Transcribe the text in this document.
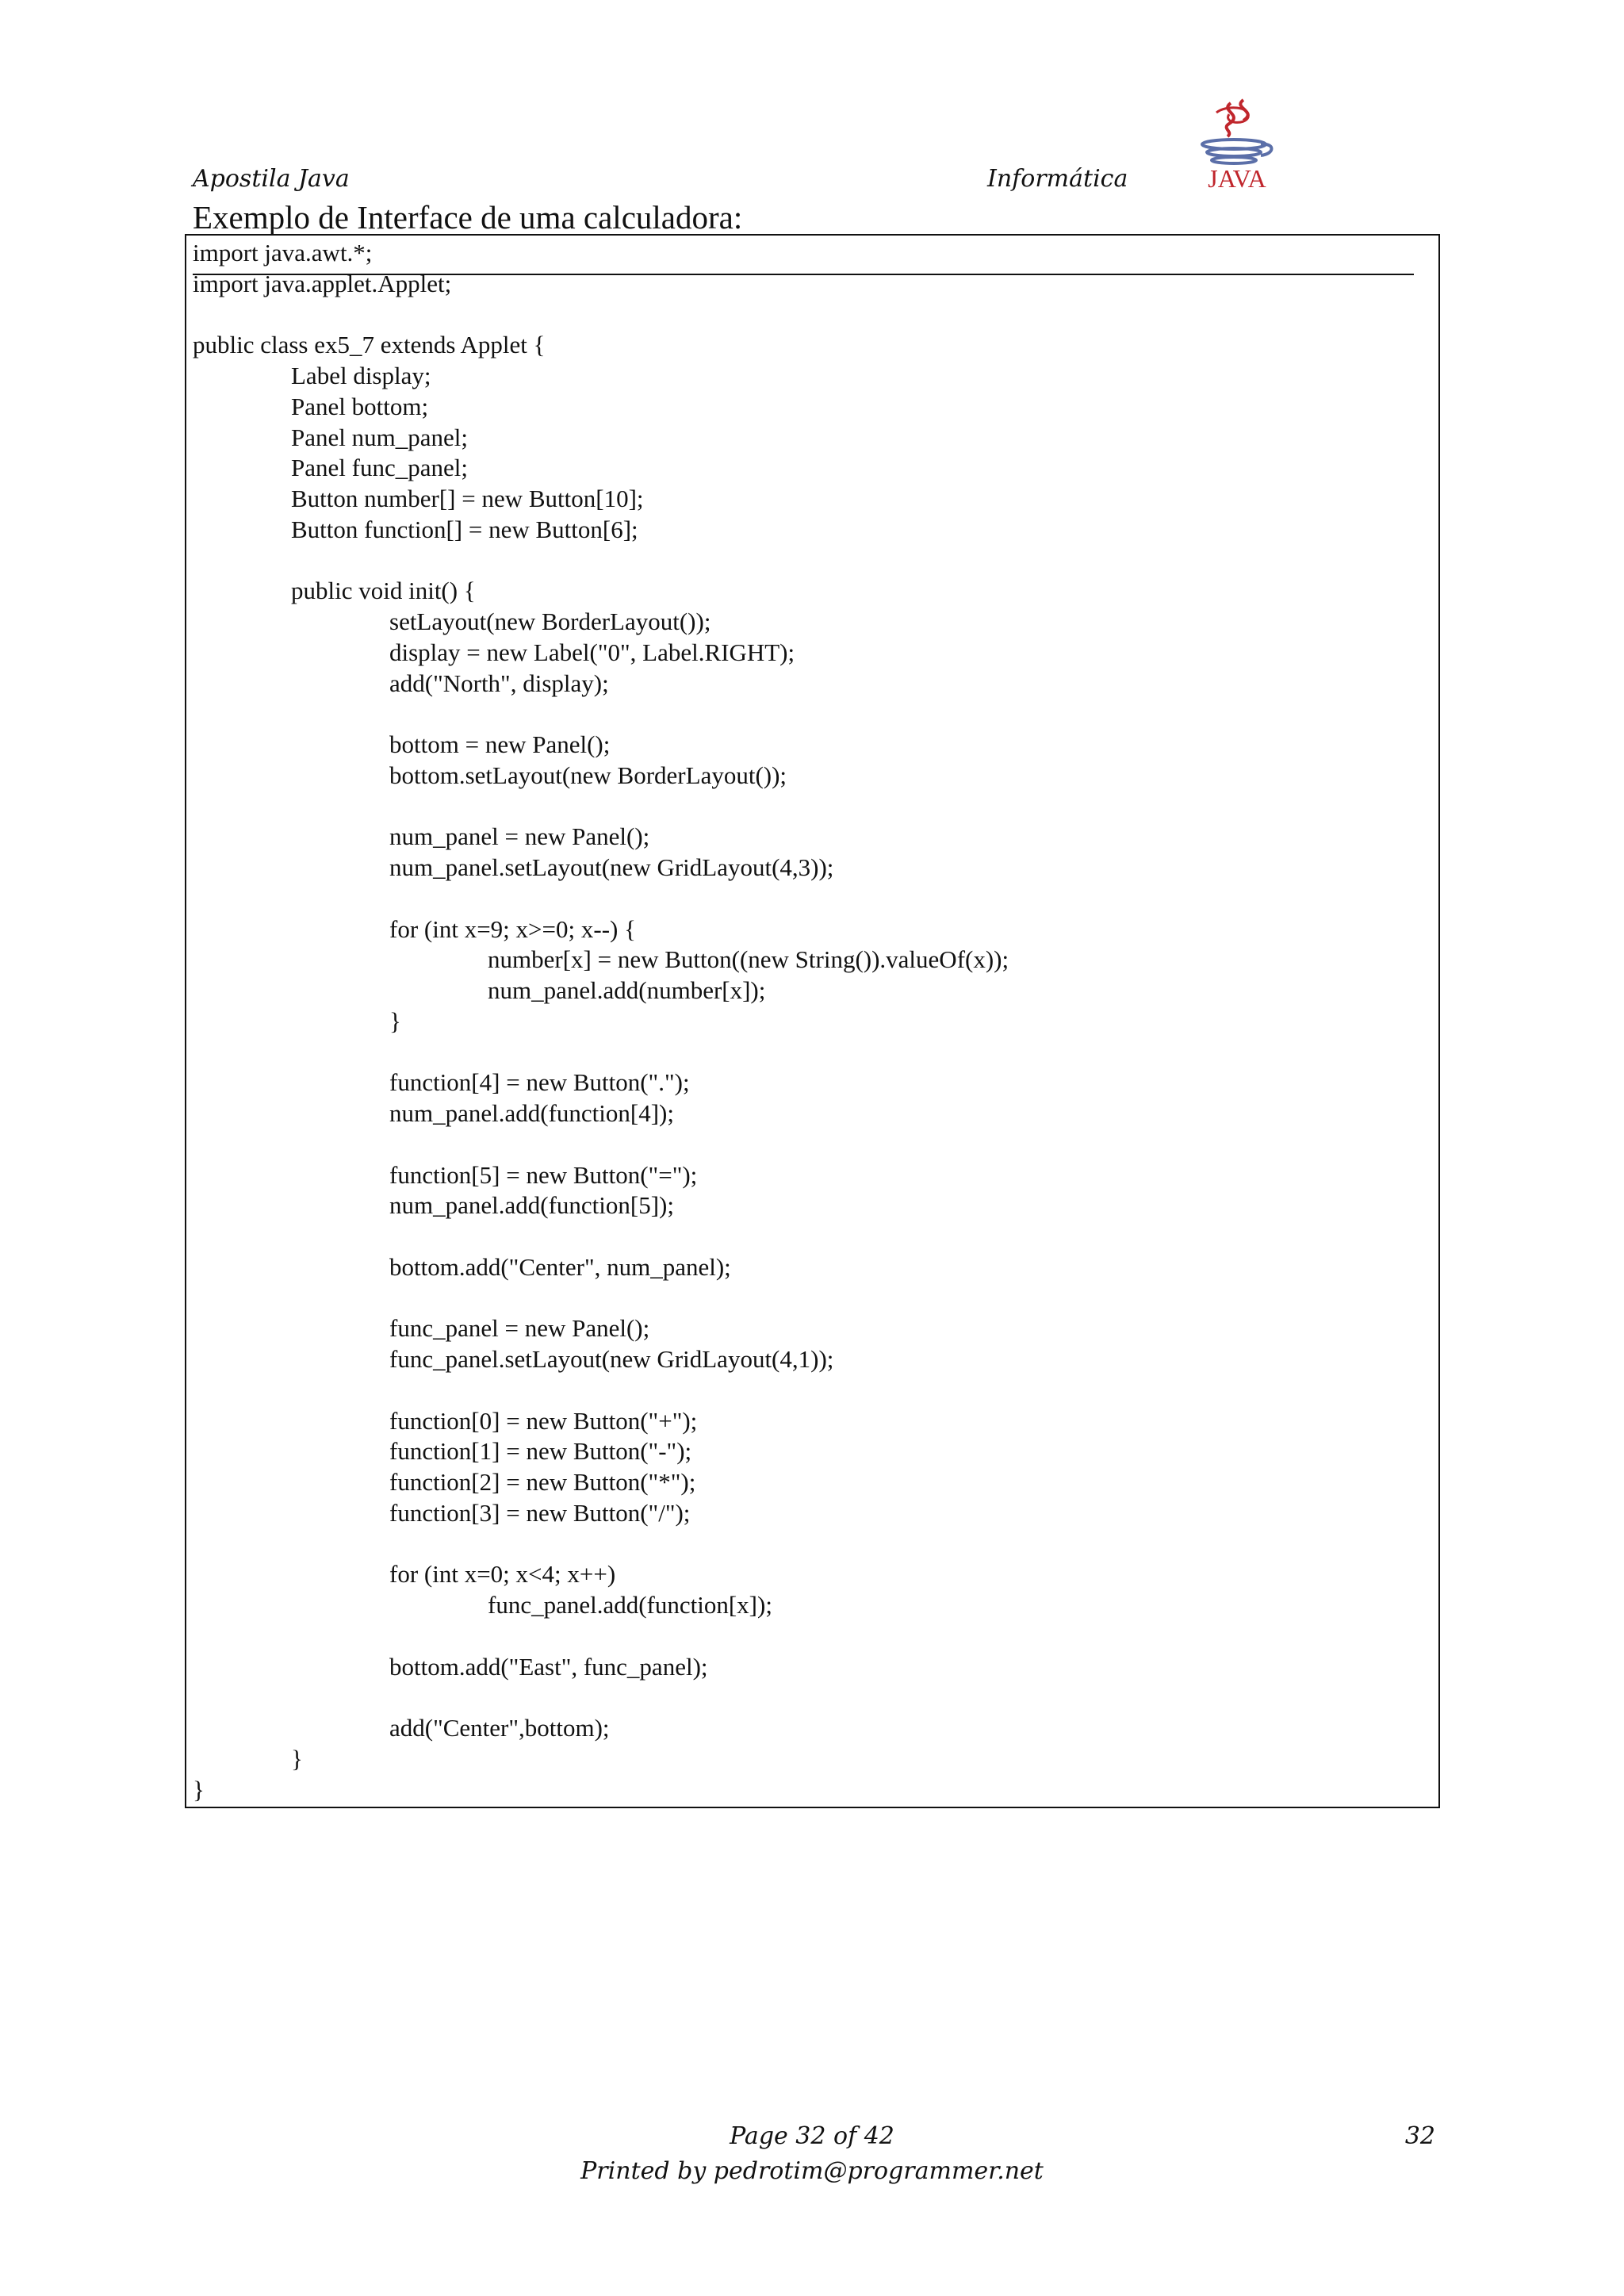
Apostila Java	Informática	JAVA
Exemplo de Interface de uma calculadora:
import java.awt.*;
import java.applet.Applet;
public class ex5_7 extends Applet {
Label display;
Panel bottom;
Panel num_panel;
Panel func_panel;
Button number[] = new Button[10];
Button function[] = new Button[6];
public void init() {
setLayout(new BorderLayout());
display = new Label("0", Label.RIGHT);
add("North", display);
bottom = new Panel();
bottom.setLayout(new BorderLayout());
num_panel = new Panel();
num_panel.setLayout(new GridLayout(4,3));
for (int x=9; x>=0; x--) {
number[x] = new Button((new String()).valueOf(x));
num_panel.add(number[x]);
}
function[4] = new Button(".");
num_panel.add(function[4]);
function[5] = new Button("=");
num_panel.add(function[5]);
bottom.add("Center", num_panel);
func_panel = new Panel();
func_panel.setLayout(new GridLayout(4,1));
function[0] = new Button("+");
function[1] = new Button("-");
function[2] = new Button("*");
function[3] = new Button("/");
for (int x=0; x<4; x++)
func_panel.add(function[x]);
bottom.add("East", func_panel);
add("Center",bottom);
}
}
Page 32 of 42
Printed by pedrotim@programmer.net
32
